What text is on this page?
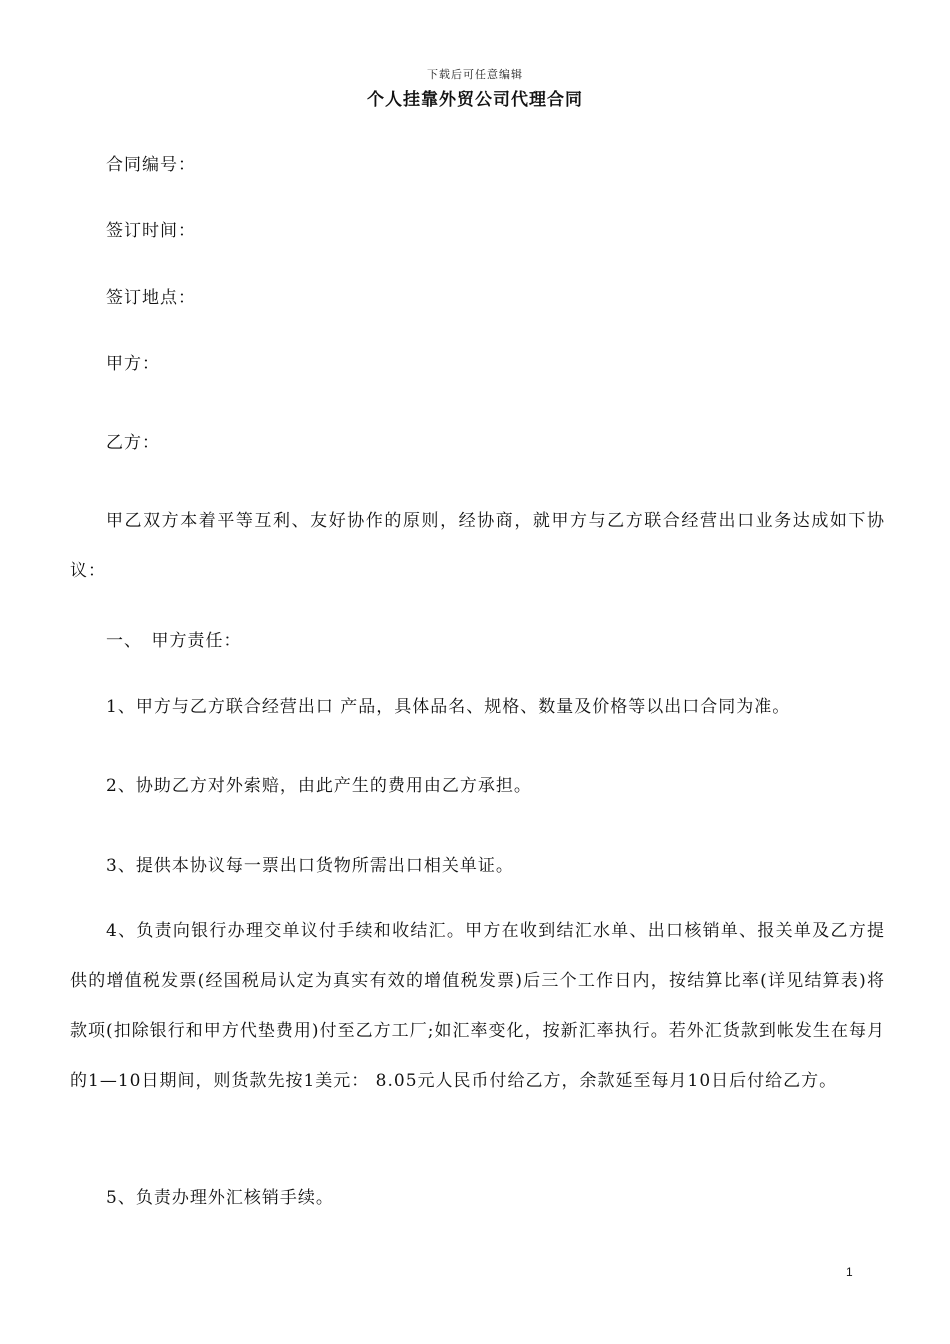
下载后可任意编辑
个人挂靠外贸公司代理合同
合同编号：
签订时间：
签订地点：
甲方：
乙方：
甲乙双方本着平等互利、友好协作的原则，经协商，就甲方与乙方联合经营出口业务达成如下协议：
一、　甲方责任：
1、甲方与乙方联合经营出口 产品，具体品名、规格、数量及价格等以出口合同为准。
2、协助乙方对外索赔，由此产生的费用由乙方承担。
3、提供本协议每一票出口货物所需出口相关单证。
4、负责向银行办理交单议付手续和收结汇。甲方在收到结汇水单、出口核销单、报关单及乙方提供的增值税发票(经国税局认定为真实有效的增值税发票)后三个工作日内，按结算比率(详见结算表)将款项(扣除银行和甲方代垫费用)付至乙方工厂;如汇率变化，按新汇率执行。若外汇货款到帐发生在每月的1—10日期间，则货款先按1美元： 8.05元人民币付给乙方，余款延至每月10日后付给乙方。
5、负责办理外汇核销手续。
1
